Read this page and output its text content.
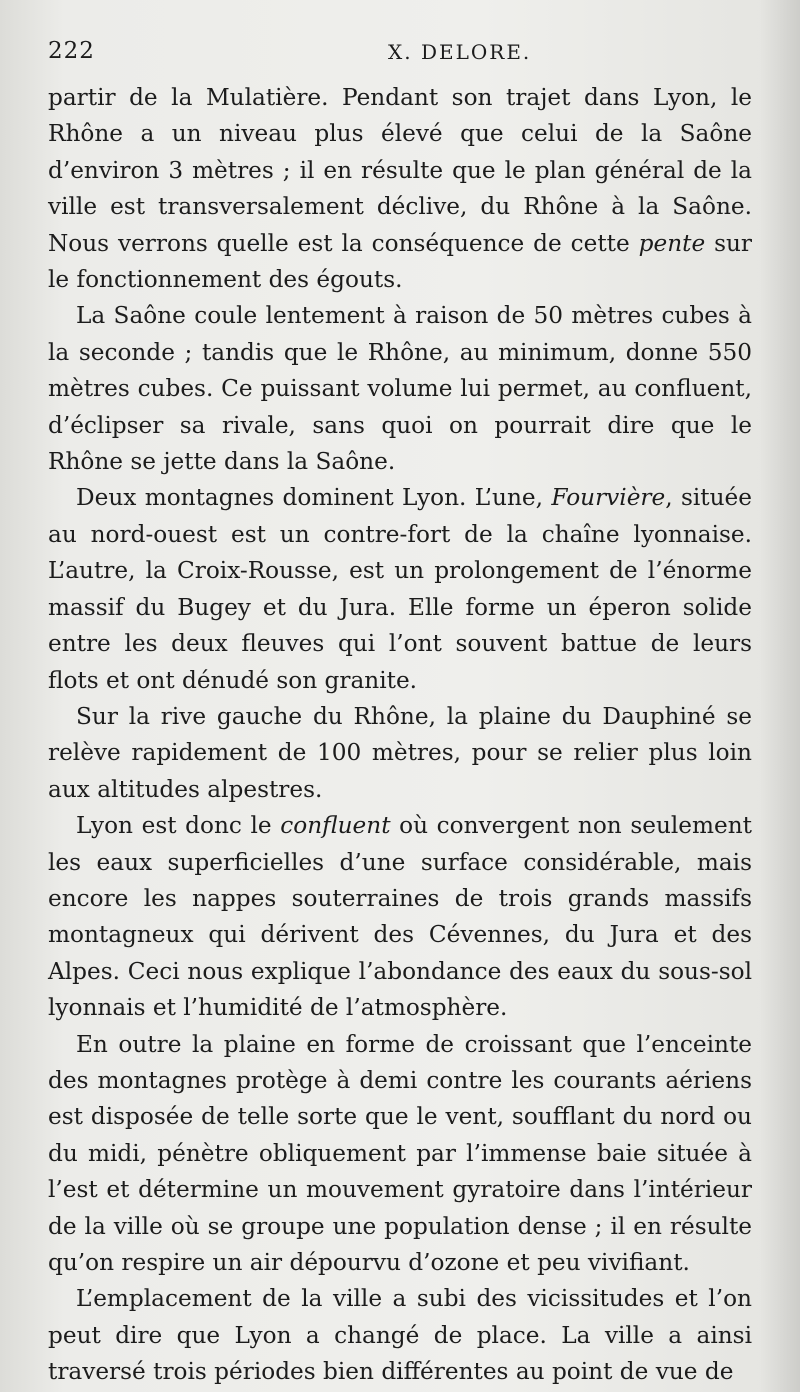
222	X. DELORE.

partir de la Mulatière. Pendant son trajet dans Lyon, le Rhône a un niveau plus élevé que celui de la Saône d’environ 3 mètres ; il en résulte que le plan général de la ville est transversalement déclive, du Rhône à la Saône. Nous verrons quelle est la conséquence de cette pente sur le fonctionnement des égouts.

La Saône coule lentement à raison de 50 mètres cubes à la seconde ; tandis que le Rhône, au minimum, donne 550 mètres cubes. Ce puissant volume lui permet, au confluent, d’éclipser sa rivale, sans quoi on pourrait dire que le Rhône se jette dans la Saône.

Deux montagnes dominent Lyon. L’une, Fourvière, située au nord-ouest est un contre-fort de la chaîne lyonnaise. L’autre, la Croix-Rousse, est un prolongement de l’énorme massif du Bugey et du Jura. Elle forme un éperon solide entre les deux fleuves qui l’ont souvent battue de leurs flots et ont dénudé son granite.

Sur la rive gauche du Rhône, la plaine du Dauphiné se relève rapidement de 100 mètres, pour se relier plus loin aux altitudes alpestres.

Lyon est donc le confluent où convergent non seulement les eaux superficielles d’une surface considérable, mais encore les nappes souterraines de trois grands massifs montagneux qui dérivent des Cévennes, du Jura et des Alpes. Ceci nous explique l’abondance des eaux du sous-sol lyonnais et l’humidité de l’atmosphère.

En outre la plaine en forme de croissant que l’enceinte des montagnes protège à demi contre les courants aériens est disposée de telle sorte que le vent, soufflant du nord ou du midi, pénètre obliquement par l’immense baie située à l’est et détermine un mouvement gyratoire dans l’intérieur de la ville où se groupe une population dense ; il en résulte qu’on respire un air dépourvu d’ozone et peu vivifiant.

L’emplacement de la ville a subi des vicissitudes et l’on peut dire que Lyon a changé de place. La ville a ainsi traversé trois périodes bien différentes au point de vue de
